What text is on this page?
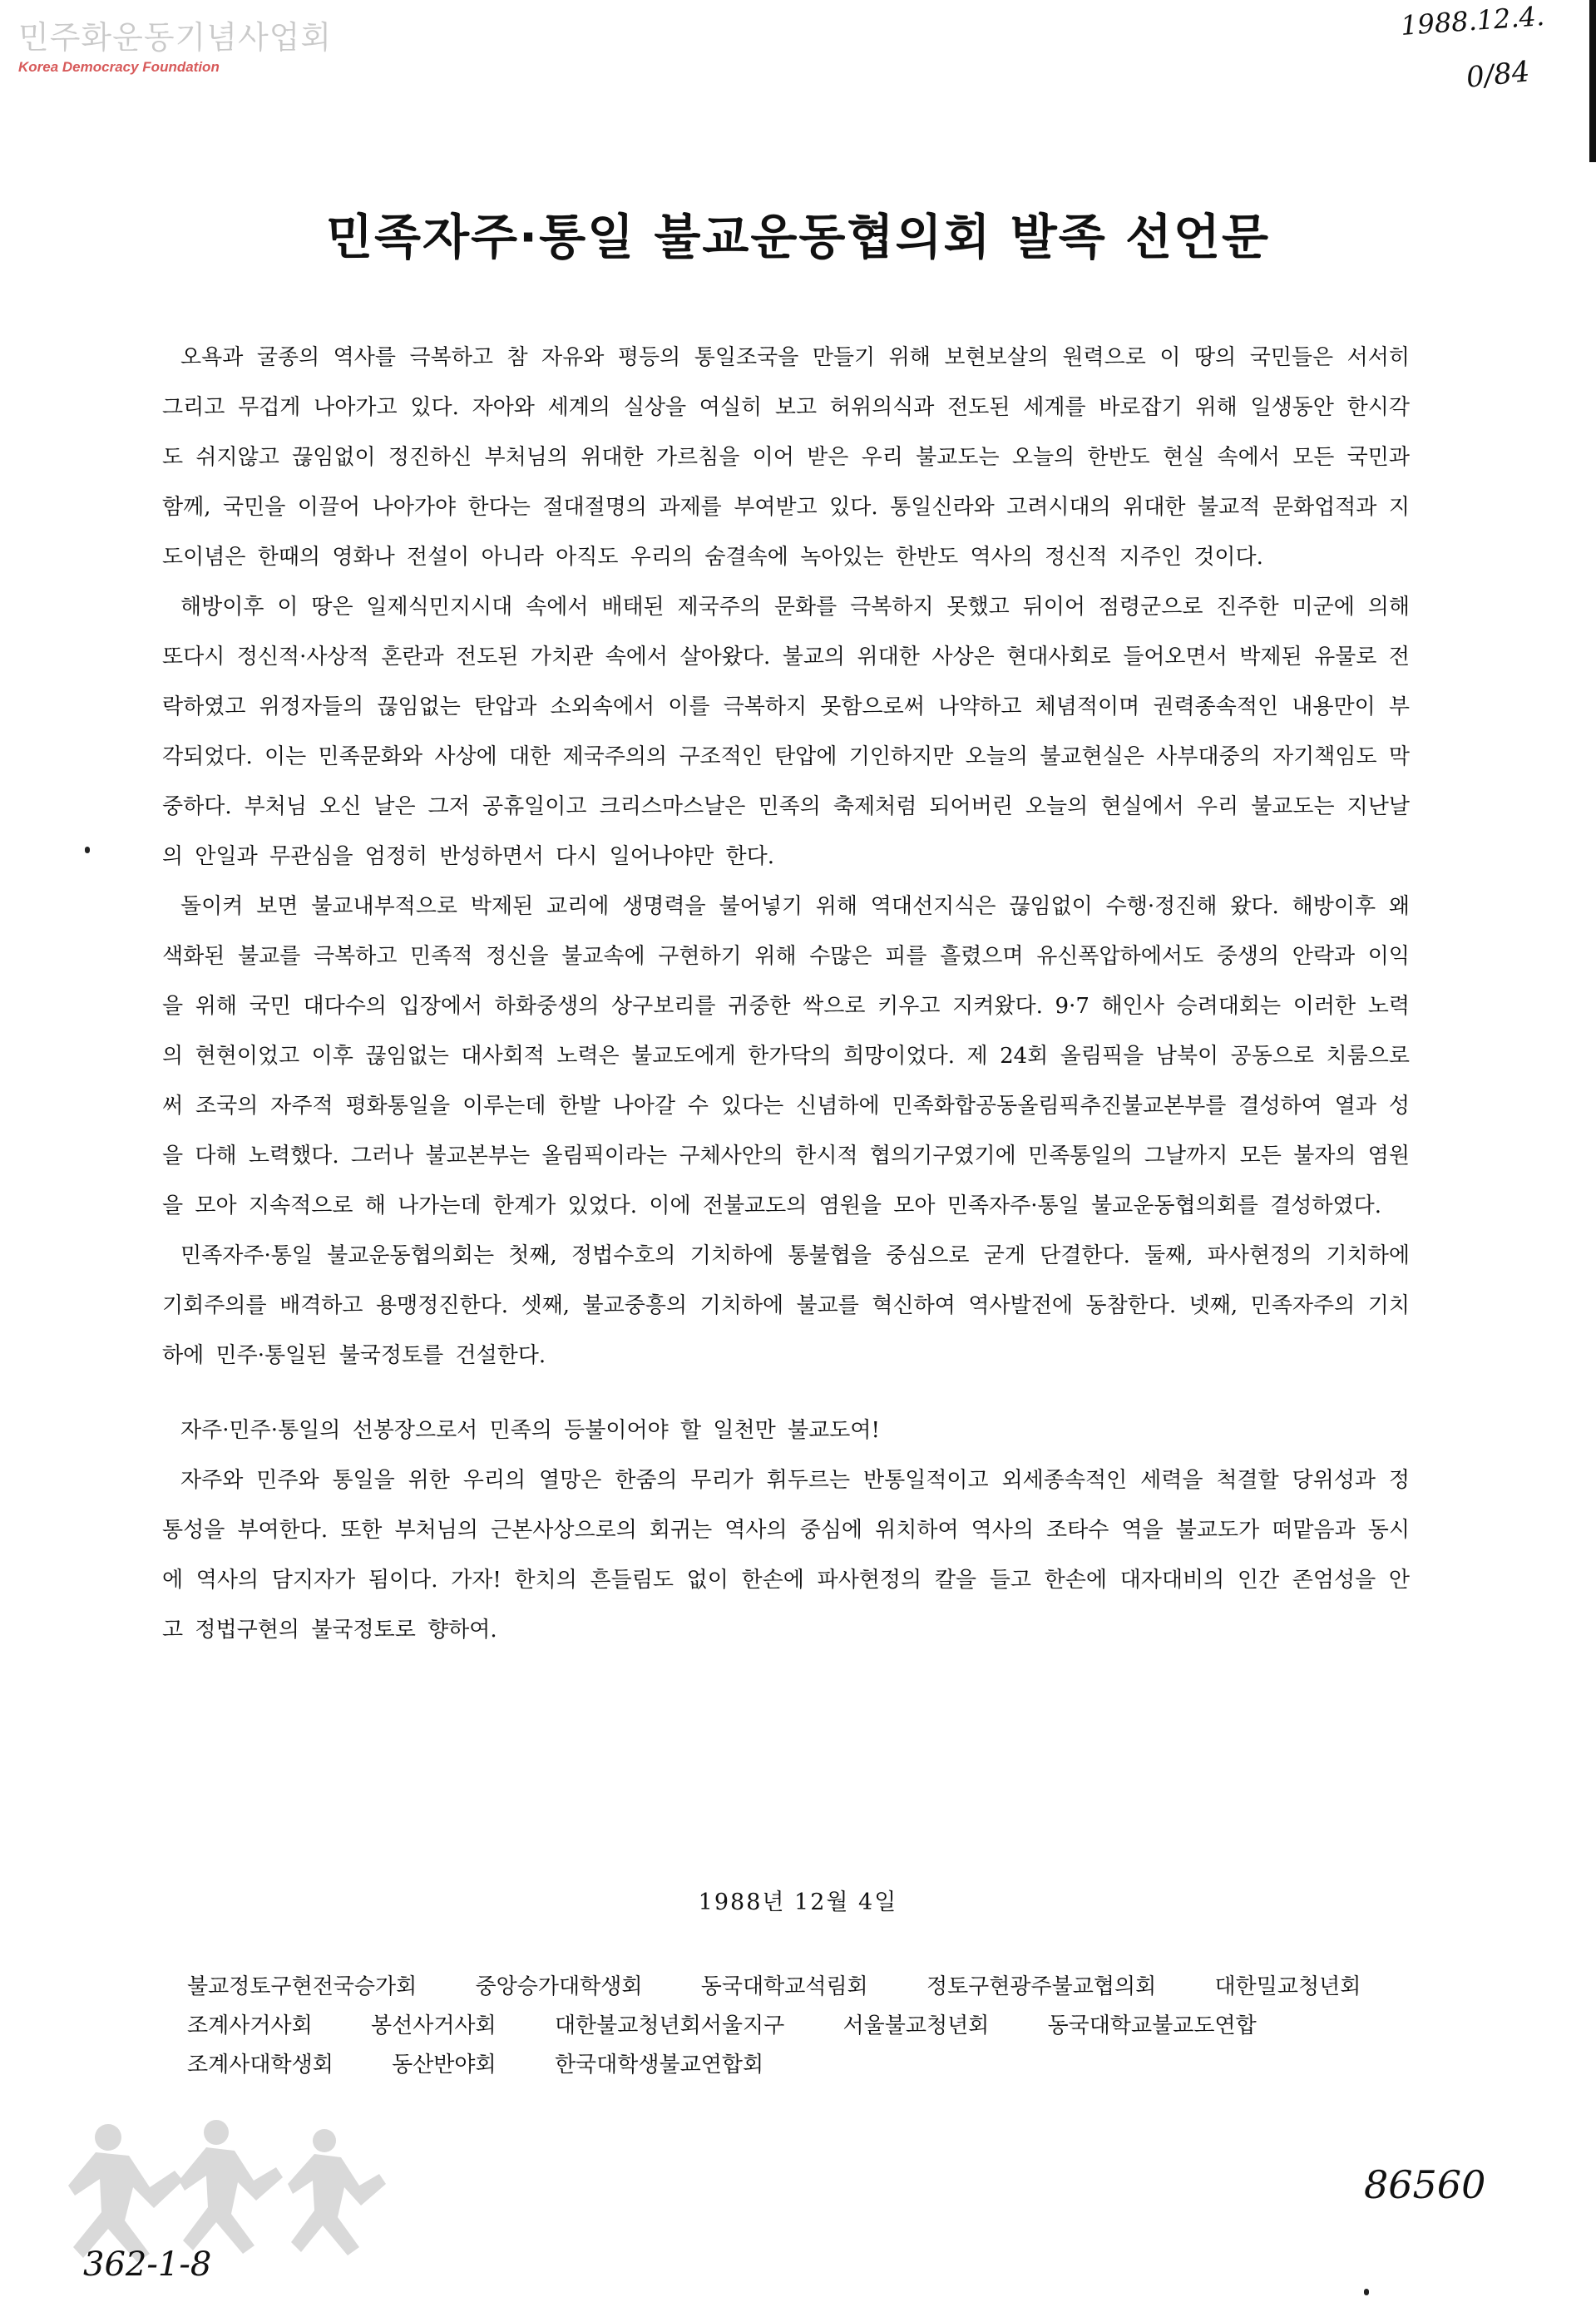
민주화운동기념사업회
Korea Democracy Foundation
1988.12.4.
0/84
민족자주·통일 불교운동협의회 발족 선언문

오욕과 굴종의 역사를 극복하고 참 자유와 평등의 통일조국을 만들기 위해 보현보살의 원력으로 이 땅의 국민들은 서서히 그리고 무겁게 나아가고 있다. 자아와 세계의 실상을 여실히 보고 허위의식과 전도된 세계를 바로잡기 위해 일생동안 한시각도 쉬지않고 끊임없이 정진하신 부처님의 위대한 가르침을 이어 받은 우리 불교도는 오늘의 한반도 현실 속에서 모든 국민과 함께, 국민을 이끌어 나아가야 한다는 절대절명의 과제를 부여받고 있다. 통일신라와 고려시대의 위대한 불교적 문화업적과 지도이념은 한때의 영화나 전설이 아니라 아직도 우리의 숨결속에 녹아있는 한반도 역사의 정신적 지주인 것이다.

해방이후 이 땅은 일제식민지시대 속에서 배태된 제국주의 문화를 극복하지 못했고 뒤이어 점령군으로 진주한 미군에 의해 또다시 정신적·사상적 혼란과 전도된 가치관 속에서 살아왔다. 불교의 위대한 사상은 현대사회로 들어오면서 박제된 유물로 전락하였고 위정자들의 끊임없는 탄압과 소외속에서 이를 극복하지 못함으로써 나약하고 체념적이며 권력종속적인 내용만이 부각되었다. 이는 민족문화와 사상에 대한 제국주의의 구조적인 탄압에 기인하지만 오늘의 불교현실은 사부대중의 자기책임도 막중하다. 부처님 오신 날은 그저 공휴일이고 크리스마스날은 민족의 축제처럼 되어버린 오늘의 현실에서 우리 불교도는 지난날의 안일과 무관심을 엄정히 반성하면서 다시 일어나야만 한다.

돌이켜 보면 불교내부적으로 박제된 교리에 생명력을 불어넣기 위해 역대선지식은 끊임없이 수행·정진해 왔다. 해방이후 왜색화된 불교를 극복하고 민족적 정신을 불교속에 구현하기 위해 수많은 피를 흘렸으며 유신폭압하에서도 중생의 안락과 이익을 위해 국민 대다수의 입장에서 하화중생의 상구보리를 귀중한 싹으로 키우고 지켜왔다. 9·7 해인사 승려대회는 이러한 노력의 현현이었고 이후 끊임없는 대사회적 노력은 불교도에게 한가닥의 희망이었다. 제 24회 올림픽을 남북이 공동으로 치룸으로써 조국의 자주적 평화통일을 이루는데 한발 나아갈 수 있다는 신념하에 민족화합공동올림픽추진불교본부를 결성하여 열과 성을 다해 노력했다. 그러나 불교본부는 올림픽이라는 구체사안의 한시적 협의기구였기에 민족통일의 그날까지 모든 불자의 염원을 모아 지속적으로 해 나가는데 한계가 있었다. 이에 전불교도의 염원을 모아 민족자주·통일 불교운동협의회를 결성하였다.

민족자주·통일 불교운동협의회는 첫째, 정법수호의 기치하에 통불협을 중심으로 굳게 단결한다. 둘째, 파사현정의 기치하에 기회주의를 배격하고 용맹정진한다. 셋째, 불교중흥의 기치하에 불교를 혁신하여 역사발전에 동참한다. 넷째, 민족자주의 기치하에 민주·통일된 불국정토를 건설한다.

자주·민주·통일의 선봉장으로서 민족의 등불이어야 할 일천만 불교도여!

자주와 민주와 통일을 위한 우리의 열망은 한줌의 무리가 휘두르는 반통일적이고 외세종속적인 세력을 척결할 당위성과 정통성을 부여한다. 또한 부처님의 근본사상으로의 회귀는 역사의 중심에 위치하여 역사의 조타수 역을 불교도가 떠맡음과 동시에 역사의 담지자가 됨이다. 가자! 한치의 흔들림도 없이 한손에 파사현정의 칼을 들고 한손에 대자대비의 인간 존엄성을 안고 정법구현의 불국정토로 향하여.

1988년 12월 4일
불교정토구현전국승가회	중앙승가대학생회	동국대학교석림회	정토구현광주불교협의회	대한밀교청년회
조계사거사회	봉선사거사회	대한불교청년회서울지구	서울불교청년회	동국대학교불교도연합
조계사대학생회	동산반야회	한국대학생불교연합회
86560
362-1-8
